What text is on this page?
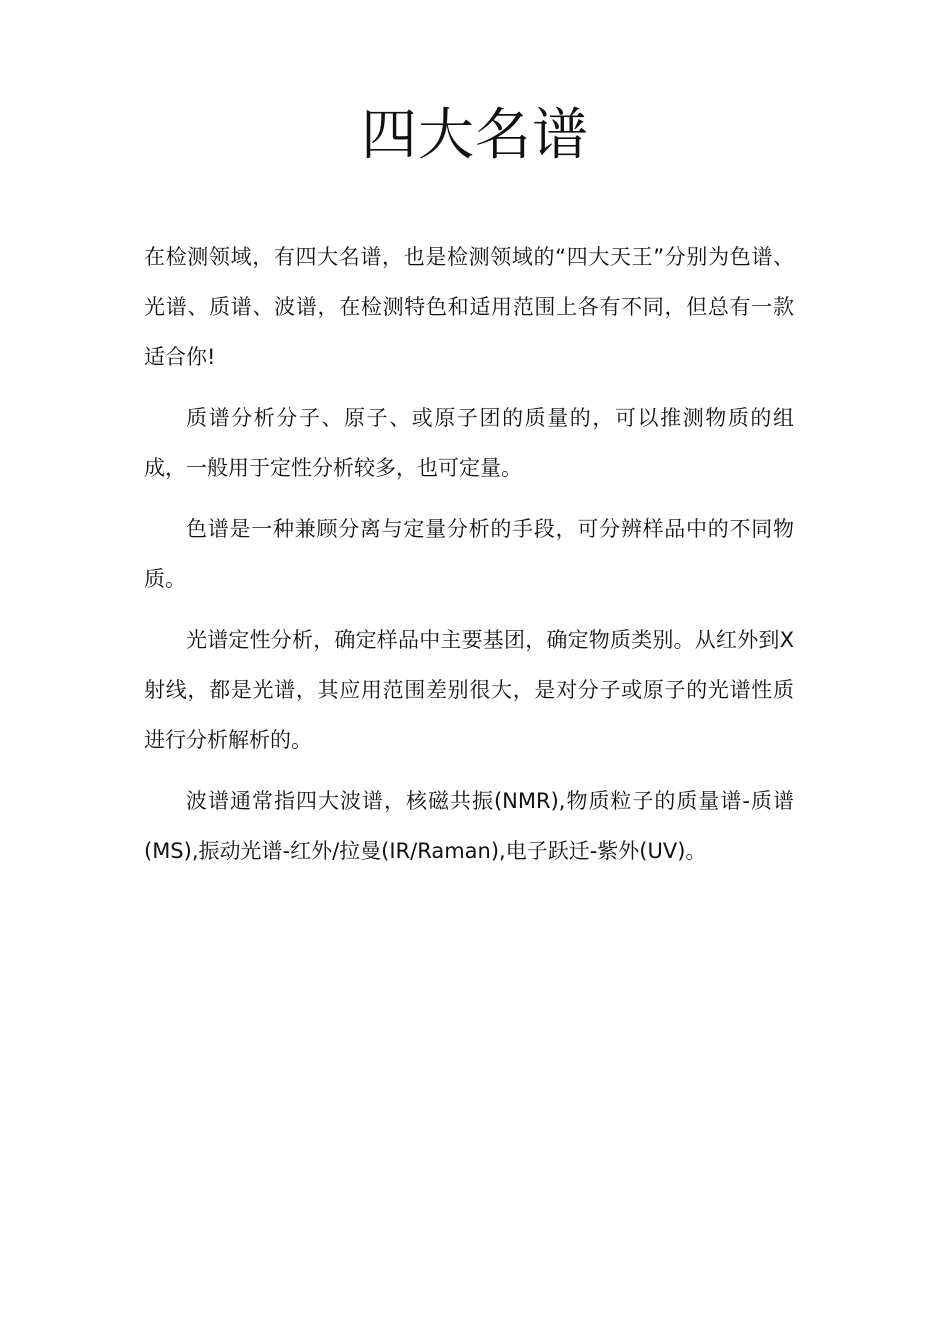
四大名谱

在检测领域，有四大名谱，也是检测领域的“四大天王”分别为色谱、光谱、质谱、波谱，在检测特色和适用范围上各有不同，但总有一款适合你!

质谱分析分子、原子、或原子团的质量的，可以推测物质的组成，一般用于定性分析较多，也可定量。

色谱是一种兼顾分离与定量分析的手段，可分辨样品中的不同物质。

光谱定性分析，确定样品中主要基团，确定物质类别。从红外到X射线，都是光谱，其应用范围差别很大，是对分子或原子的光谱性质进行分析解析的。

波谱通常指四大波谱，核磁共振(NMR),物质粒子的质量谱-质谱(MS),振动光谱-红外/拉曼(IR/Raman),电子跃迁-紫外(UV)。
